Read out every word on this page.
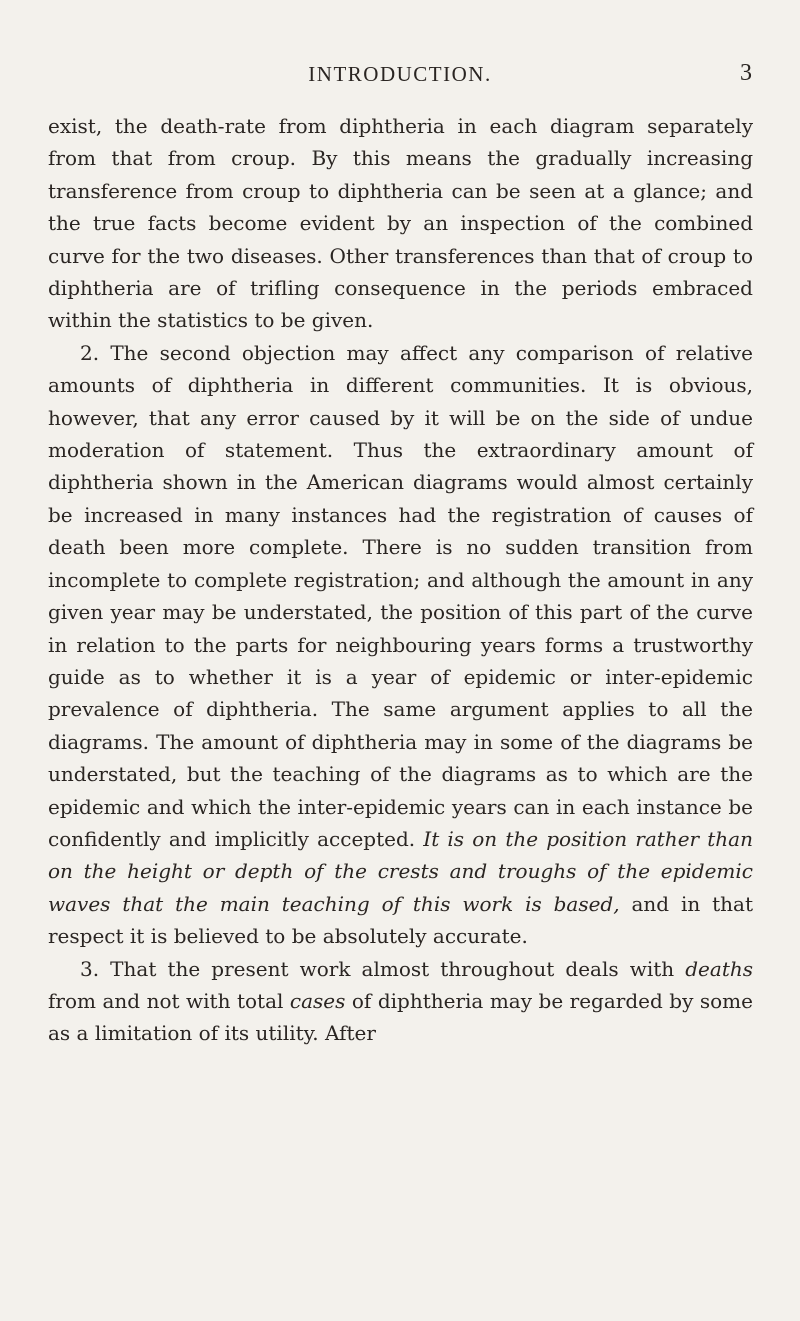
INTRODUCTION.	3

exist, the death-rate from diphtheria in each diagram separately from that from croup. By this means the gradually increasing transference from croup to diphtheria can be seen at a glance; and the true facts become evident by an inspection of the combined curve for the two diseases. Other transferences than that of croup to diphtheria are of trifling consequence in the periods embraced within the statistics to be given.

2. The second objection may affect any comparison of relative amounts of diphtheria in different communities. It is obvious, however, that any error caused by it will be on the side of undue moderation of statement. Thus the extraordinary amount of diphtheria shown in the American diagrams would almost certainly be increased in many instances had the registration of causes of death been more complete. There is no sudden transition from incomplete to complete registration; and although the amount in any given year may be understated, the position of this part of the curve in relation to the parts for neighbouring years forms a trustworthy guide as to whether it is a year of epidemic or inter-epidemic prevalence of diphtheria. The same argument applies to all the diagrams. The amount of diphtheria may in some of the diagrams be understated, but the teaching of the diagrams as to which are the epidemic and which the inter-epidemic years can in each instance be confidently and implicitly accepted. It is on the position rather than on the height or depth of the crests and troughs of the epidemic waves that the main teaching of this work is based, and in that respect it is believed to be absolutely accurate.

3. That the present work almost throughout deals with deaths from and not with total cases of diphtheria may be regarded by some as a limitation of its utility. After
